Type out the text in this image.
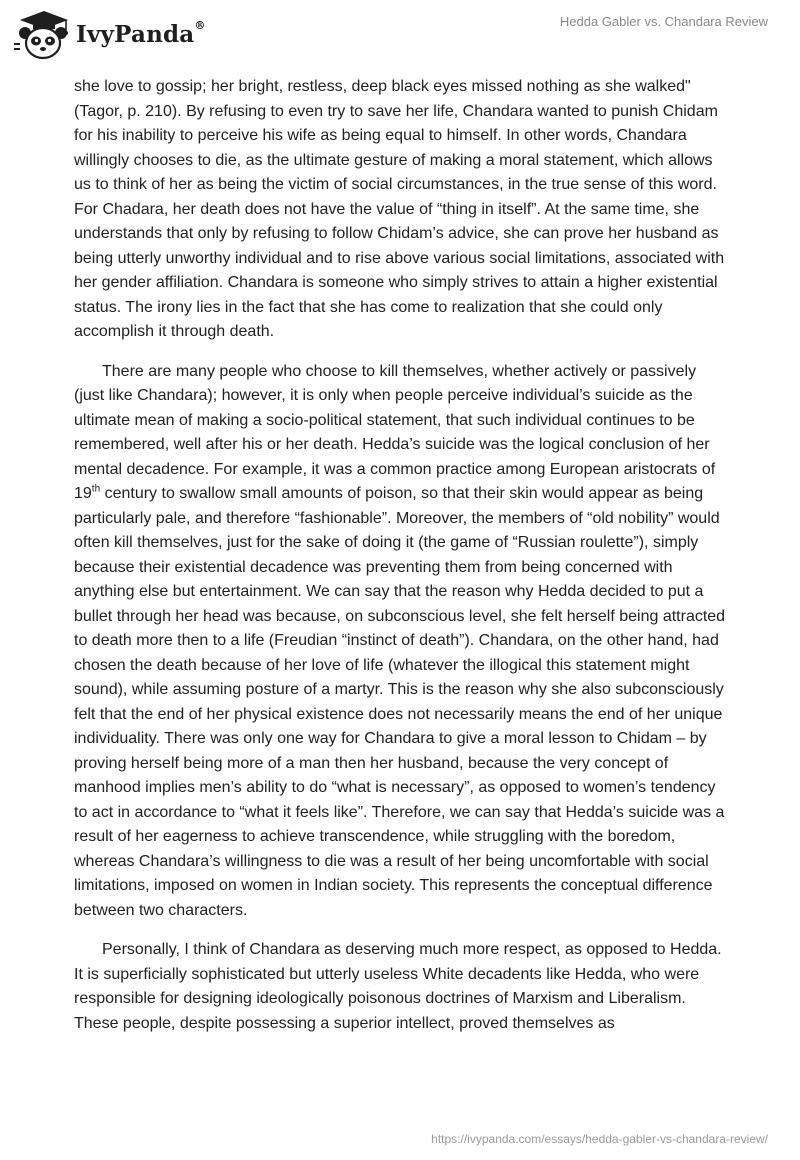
IvyPanda®	Hedda Gabler vs. Chandara Review

she love to gossip; her bright, restless, deep black eyes missed nothing as she walked" (Tagor, p. 210). By refusing to even try to save her life, Chandara wanted to punish Chidam for his inability to perceive his wife as being equal to himself. In other words, Chandara willingly chooses to die, as the ultimate gesture of making a moral statement, which allows us to think of her as being the victim of social circumstances, in the true sense of this word. For Chadara, her death does not have the value of “thing in itself”. At the same time, she understands that only by refusing to follow Chidam’s advice, she can prove her husband as being utterly unworthy individual and to rise above various social limitations, associated with her gender affiliation. Chandara is someone who simply strives to attain a higher existential status. The irony lies in the fact that she has come to realization that she could only accomplish it through death.

There are many people who choose to kill themselves, whether actively or passively (just like Chandara); however, it is only when people perceive individual’s suicide as the ultimate mean of making a socio-political statement, that such individual continues to be remembered, well after his or her death. Hedda’s suicide was the logical conclusion of her mental decadence. For example, it was a common practice among European aristocrats of 19th century to swallow small amounts of poison, so that their skin would appear as being particularly pale, and therefore “fashionable”. Moreover, the members of “old nobility” would often kill themselves, just for the sake of doing it (the game of “Russian roulette”), simply because their existential decadence was preventing them from being concerned with anything else but entertainment. We can say that the reason why Hedda decided to put a bullet through her head was because, on subconscious level, she felt herself being attracted to death more then to a life (Freudian “instinct of death”). Chandara, on the other hand, had chosen the death because of her love of life (whatever the illogical this statement might sound), while assuming posture of a martyr. This is the reason why she also subconsciously felt that the end of her physical existence does not necessarily means the end of her unique individuality. There was only one way for Chandara to give a moral lesson to Chidam – by proving herself being more of a man then her husband, because the very concept of manhood implies men’s ability to do “what is necessary”, as opposed to women’s tendency to act in accordance to “what it feels like”. Therefore, we can say that Hedda’s suicide was a result of her eagerness to achieve transcendence, while struggling with the boredom, whereas Chandara’s willingness to die was a result of her being uncomfortable with social limitations, imposed on women in Indian society. This represents the conceptual difference between two characters.

Personally, I think of Chandara as deserving much more respect, as opposed to Hedda. It is superficially sophisticated but utterly useless White decadents like Hedda, who were responsible for designing ideologically poisonous doctrines of Marxism and Liberalism. These people, despite possessing a superior intellect, proved themselves as

https://ivypanda.com/essays/hedda-gabler-vs-chandara-review/
